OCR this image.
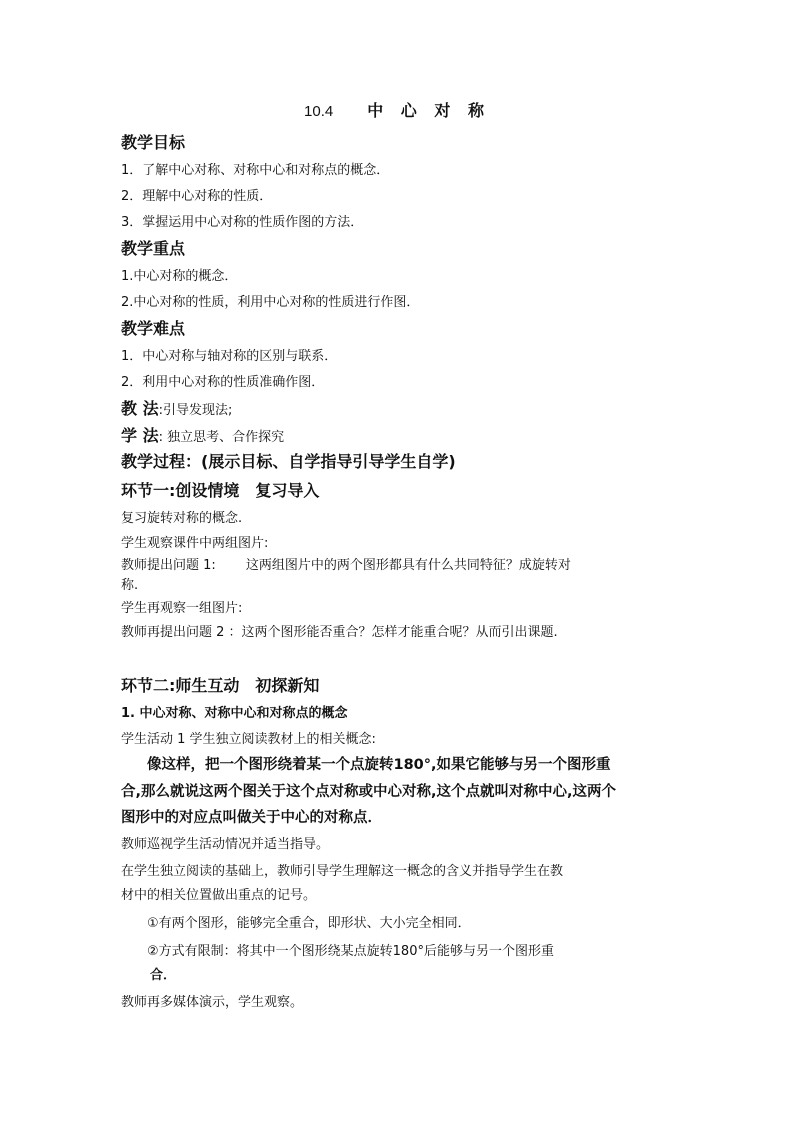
10.4 中 心 对 称
教学目标
1．了解中心对称、对称中心和对称点的概念．
2．理解中心对称的性质．
3．掌握运用中心对称的性质作图的方法．
教学重点
1.中心对称的概念．
2.中心对称的性质，利用中心对称的性质进行作图．
教学难点
1．中心对称与轴对称的区别与联系．
2．利用中心对称的性质准确作图．
教 法:引导发现法;
学 法: 独立思考、合作探究
教学过程：(展示目标、自学指导引导学生自学)
环节一:创设情境　复习导入
复习旋转对称的概念.
学生观察课件中两组图片:
教师提出问题 1:　　 这两组图片中的两个图形都具有什么共同特征？成旋转对
称.
学生再观察一组图片:
教师再提出问题 2 ：这两个图形能否重合？怎样才能重合呢？从而引出课题.
环节二:师生互动　初探新知
1. 中心对称、对称中心和对称点的概念
学生活动 1 学生独立阅读教材上的相关概念:
像这样，把一个图形绕着某一个点旋转180°,如果它能够与另一个图形重
合,那么就说这两个图关于这个点对称或中心对称,这个点就叫对称中心,这两个
图形中的对应点叫做关于中心的对称点．
教师巡视学生活动情况并适当指导。
在学生独立阅读的基础上，教师引导学生理解这一概念的含义并指导学生在教
材中的相关位置做出重点的记号。
①有两个图形，能够完全重合，即形状、大小完全相同．
②方式有限制：将其中一个图形绕某点旋转180°后能够与另一个图形重
合．
教师再多媒体演示，学生观察。
